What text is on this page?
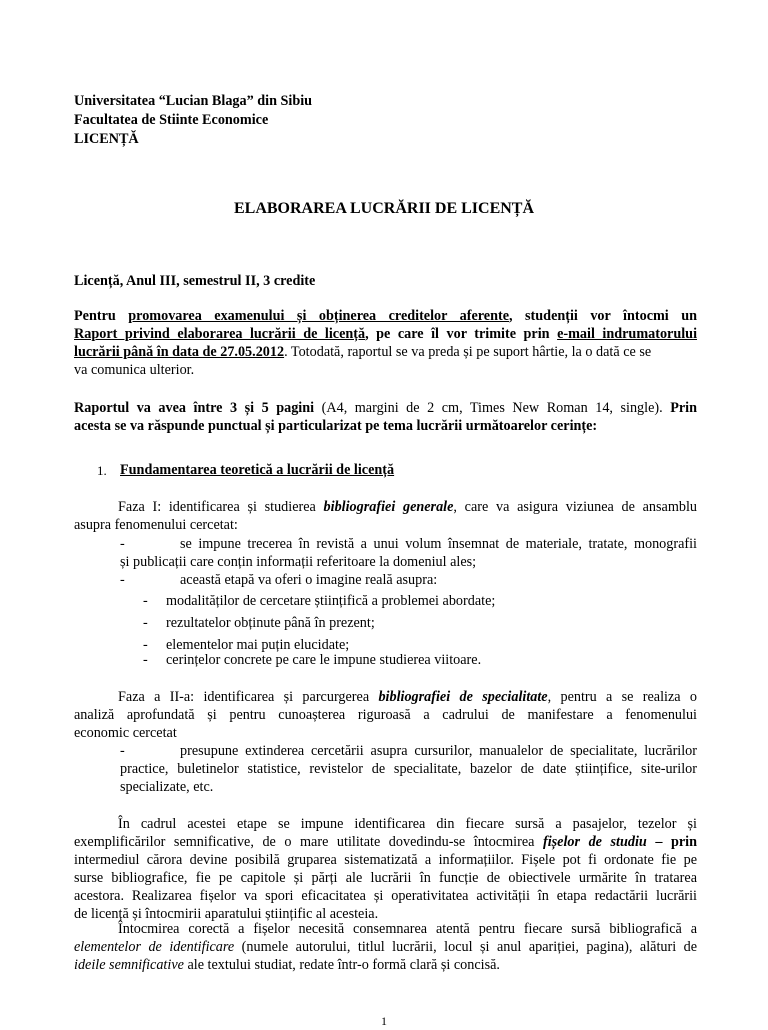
Universitatea “Lucian Blaga” din Sibiu
Facultatea de Stiinte Economice
LICENȚĂ
ELABORAREA LUCRĂRII DE LICENȚĂ
Licență, Anul III, semestrul II, 3 credite
Pentru promovarea examenului și obținerea creditelor aferente, studenții vor întocmi un
Raport privind elaborarea lucrării de licență, pe care îl vor trimite prin e-mail indrumatorului
lucrării până în data de 27.05.2012. Totodată, raportul se va preda și pe suport hârtie, la o dată ce se
va comunica ulterior.
Raportul va avea între 3 și 5 pagini (A4, margini de 2 cm, Times New Roman 14, single). Prin
acesta se va răspunde punctual și particularizat pe tema lucrării următoarelor cerințe:
1. Fundamentarea teoretică a lucrării de licență
Faza I: identificarea și studierea bibliografiei generale, care va asigura viziunea de ansamblu
asupra fenomenului cercetat:
-	se impune trecerea în revistă a unui volum însemnat de materiale, tratate, monografii
și publicații care conțin informații referitoare la domeniul ales;
-	această etapă va oferi o imagine reală asupra:
- modalităților de cercetare științifică a problemei abordate;
- rezultatelor obținute până în prezent;
- elementelor mai puțin elucidate;
- cerințelor concrete pe care le impune studierea viitoare.
Faza a II-a: identificarea și parcurgerea bibliografiei de specialitate, pentru a se realiza o
analiză aprofundată și pentru cunoașterea riguroasă a cadrului de manifestare a fenomenului
economic cercetat
-	presupune extinderea cercetării asupra cursurilor, manualelor de specialitate, lucrărilor
practice, buletinelor statistice, revistelor de specialitate, bazelor de date științifice, site-urilor
specializate, etc.
În cadrul acestei etape se impune identificarea din fiecare sursă a pasajelor, tezelor și
exemplificărilor semnificative, de o mare utilitate dovedindu-se întocmirea fișelor de studiu – prin
intermediul cărora devine posibilă gruparea sistematizată a informațiilor. Fișele pot fi ordonate fie pe
surse bibliografice, fie pe capitole și părți ale lucrării în funcție de obiectivele urmărite în tratarea
acestora. Realizarea fișelor va spori eficacitatea și operativitatea activității în etapa redactării lucrării
de licență și întocmirii aparatului științific al acesteia.
Întocmirea corectă a fișelor necesită consemnarea atentă pentru fiecare sursă bibliografică a
elementelor de identificare (numele autorului, titlul lucrării, locul și anul apariției, pagina), alături de
ideile semnificative ale textului studiat, redate într-o formă clară și concisă.
1
